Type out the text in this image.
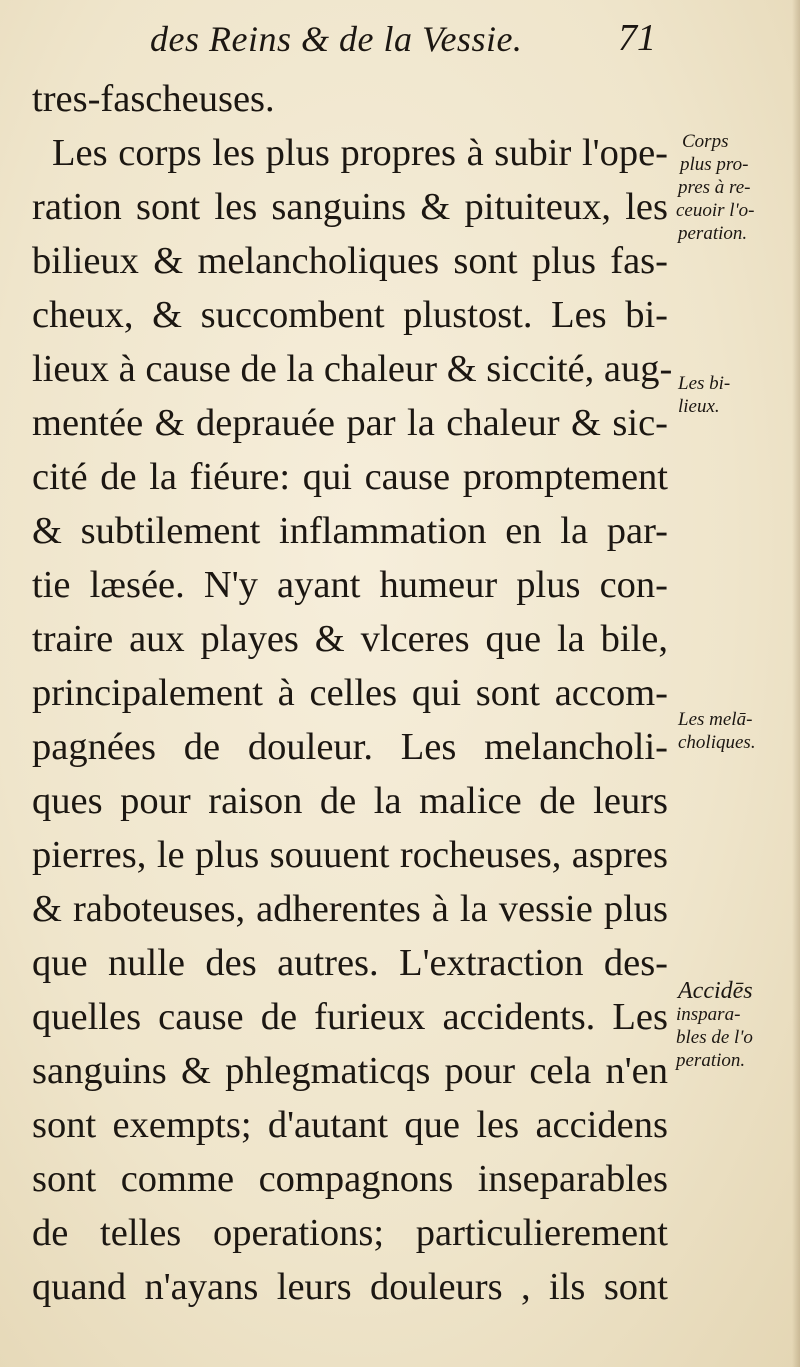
des Reins & de la Vessie.	71
tres-fascheuses.
Les corps les plus propres à subir l'ope-
ration sont les sanguins & pituiteux, les
bilieux & melancholiques sont plus fas-
cheux, & succombent plustost. Les bi-
lieux à cause de la chaleur & siccité, aug-
mentée & deprauée par la chaleur & sic-
cité de la fiéure: qui cause promptement
& subtilement inflammation en la par-
tie læsée. N'y ayant humeur plus con-
traire aux playes & vlceres que la bile,
principalement à celles qui sont accom-
pagnées de douleur. Les melancholi-
ques pour raison de la malice de leurs
pierres, le plus souuent rocheuses, aspres
& raboteuses, adherentes à la vessie plus
que nulle des autres. L'extraction des-
quelles cause de furieux accidents. Les
sanguins & phlegmaticqs pour cela n'en
sont exempts; d'autant que les accidens
sont comme compagnons inseparables
de telles operations; particulierement
quand n'ayans leurs douleurs , ils sont
Corps
plus pro-
pres à re-
ceuoir l'o-
peration.
Les bi-
lieux.
Les melā-
choliques.
Accidēs
inspara-
bles de l'o
peration.
